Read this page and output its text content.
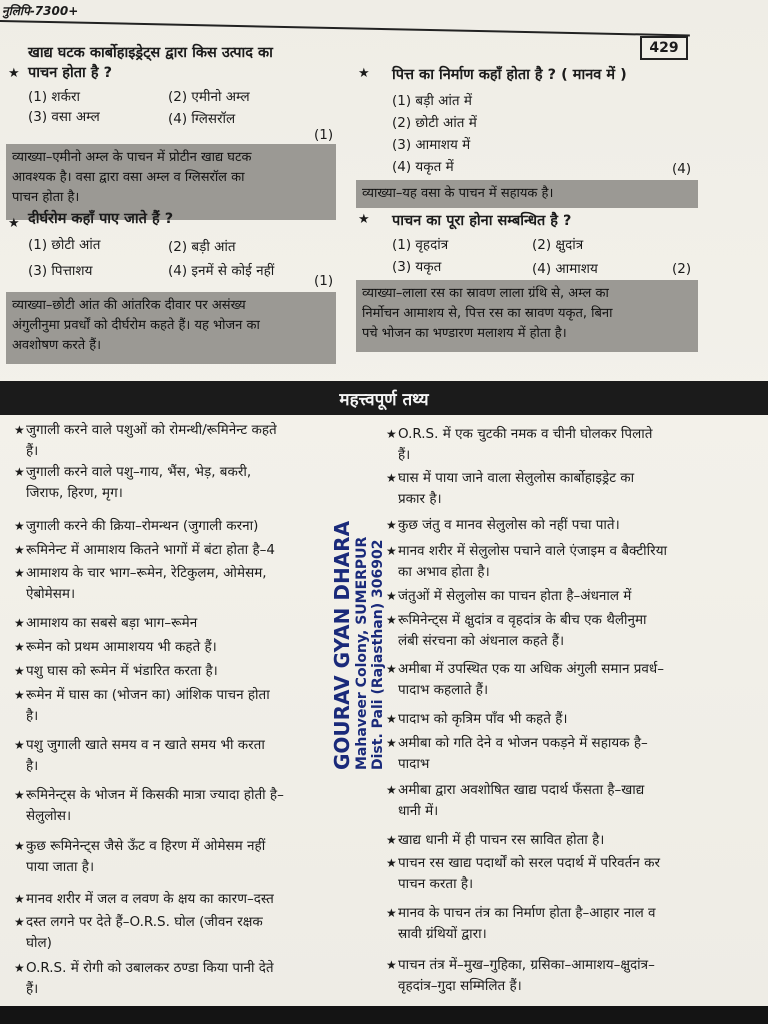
नुलिपि-7300+
429
★
खाद्य घटक कार्बोहाइड्रेट्स द्वारा किस उत्पाद का
पाचन होता है ?
(1) शर्करा	(2) एमीनो अम्ल
(3) वसा अम्ल	(4) ग्लिसरॉल
(1)
व्याख्या–एमीनो अम्ल के पाचन में प्रोटीन खाद्य घटक
आवश्यक है। वसा द्वारा वसा अम्ल व ग्लिसरॉल का
पाचन होता है।
★ दीर्घरोम कहाँ पाए जाते हैं ?
(1) छोटी आंत	(2) बड़ी आंत
(3) पित्ताशय	(4) इनमें से कोई नहीं
(1)
व्याख्या–छोटी आंत की आंतरिक दीवार पर असंख्य
अंगुलीनुमा प्रवर्धों को दीर्घरोम कहते हैं। यह भोजन का
अवशोषण करते हैं।
★ पित्त का निर्माण कहाँ होता है ? ( मानव में )
(1) बड़ी आंत में
(2) छोटी आंत में
(3) आमाशय में
(4) यकृत में	(4)
व्याख्या–यह वसा के पाचन में सहायक है।
★ पाचन का पूरा होना सम्बन्धित है ?
(1) वृहदांत्र	(2) क्षुदांत्र
(3) यकृत	(4) आमाशय	(2)
व्याख्या–लाला रस का स्रावण लाला ग्रंथि से, अम्ल का
निर्मोचन आमाशय से, पित्त रस का स्रावण यकृत, बिना
पचे भोजन का भण्डारण मलाशय में होता है।
महत्त्वपूर्ण तथ्य
★ जुगाली करने वाले पशुओं को रोमन्थी/रूमिनेन्ट कहते
हैं।
★ जुगाली करने वाले पशु–गाय, भैंस, भेड़, बकरी,
जिराफ, हिरण, मृग।
★ जुगाली करने की क्रिया–रोमन्थन (जुगाली करना)
★ रूमिनेन्ट में आमाशय कितने भागों में बंटा होता है–4
★ आमाशय के चार भाग–रूमेन, रेटिकुलम, ओमेसम,
ऐबोमेसम।
★ आमाशय का सबसे बड़ा भाग–रूमेन
★ रूमेन को प्रथम आमाशयय भी कहते हैं।
★ पशु घास को रूमेन में भंडारित करता है।
★ रूमेन में घास का (भोजन का) आंशिक पाचन होता
है।
★ पशु जुगाली खाते समय व न खाते समय भी करता
है।
★ रूमिनेन्ट्स के भोजन में किसकी मात्रा ज्यादा होती है–
सेलुलोस।
★ कुछ रूमिनेन्ट्स जैसे ऊँट व हिरण में ओमेसम नहीं
पाया जाता है।
★ मानव शरीर में जल व लवण के क्षय का कारण–दस्त
★ दस्त लगने पर देते हैं–O.R.S. घोल (जीवन रक्षक
घोल)
★ O.R.S. में रोगी को उबालकर ठण्डा किया पानी देते
हैं।
★ O.R.S. में एक चुटकी नमक व चीनी घोलकर पिलाते
हैं।
★ घास में पाया जाने वाला सेलुलोस कार्बोहाइड्रेट का
प्रकार है।
★ कुछ जंतु व मानव सेलुलोस को नहीं पचा पाते।
★ मानव शरीर में सेलुलोस पचाने वाले एंजाइम व बैक्टीरिया
का अभाव होता है।
★ जंतुओं में सेलुलोस का पाचन होता है–अंधनाल में
★ रूमिनेन्ट्स में क्षुदांत्र व वृहदांत्र के बीच एक थैलीनुमा
लंबी संरचना को अंधनाल कहते हैं।
★ अमीबा में उपस्थित एक या अधिक अंगुली समान प्रवर्ध–
पादाभ कहलाते हैं।
★ पादाभ को कृत्रिम पाँव भी कहते हैं।
★ अमीबा को गति देने व भोजन पकड़ने में सहायक है–
पादाभ
★ अमीबा द्वारा अवशोषित खाद्य पदार्थ फँसता है–खाद्य
धानी में।
★ खाद्य धानी में ही पाचन रस स्रावित होता है।
★ पाचन रस खाद्य पदार्थों को सरल पदार्थ में परिवर्तन कर
पाचन करता है।
★ मानव के पाचन तंत्र का निर्माण होता है–आहार नाल व
स्रावी ग्रंथियों द्वारा।
★ पाचन तंत्र में–मुख–गुहिका, ग्रसिका–आमाशय–क्षुदांत्र–
वृहदांत्र–गुदा सम्मिलित हैं।
GOURAV GYAN DHARA Mahaveer Colony, SUMERPUR Dist. Pali (Rajasthan) 306902
